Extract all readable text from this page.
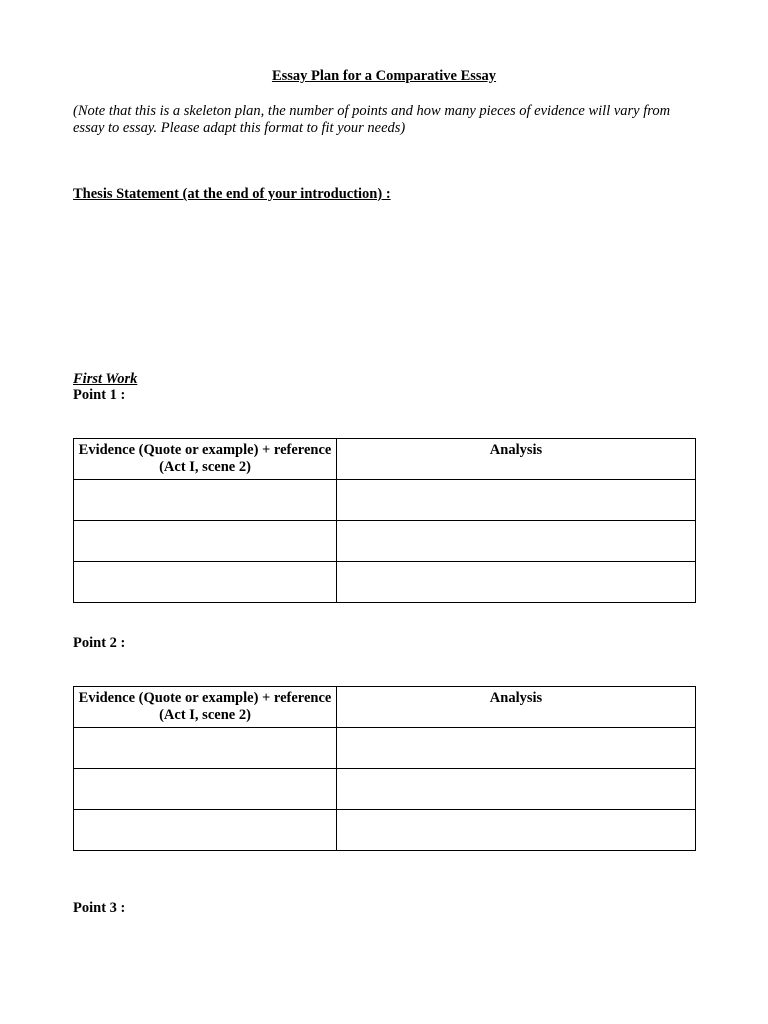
Essay Plan for a Comparative Essay
(Note that this is a skeleton plan, the number of points and how many pieces of evidence will vary from essay to essay. Please adapt this format to fit your needs)
Thesis Statement (at the end of your introduction) :
First Work
Point 1 :
Evidence (Quote or example) + reference (Act I, scene 2)	Analysis

Point 2 :
Evidence (Quote or example) + reference (Act I, scene 2)	Analysis

Point 3 :
